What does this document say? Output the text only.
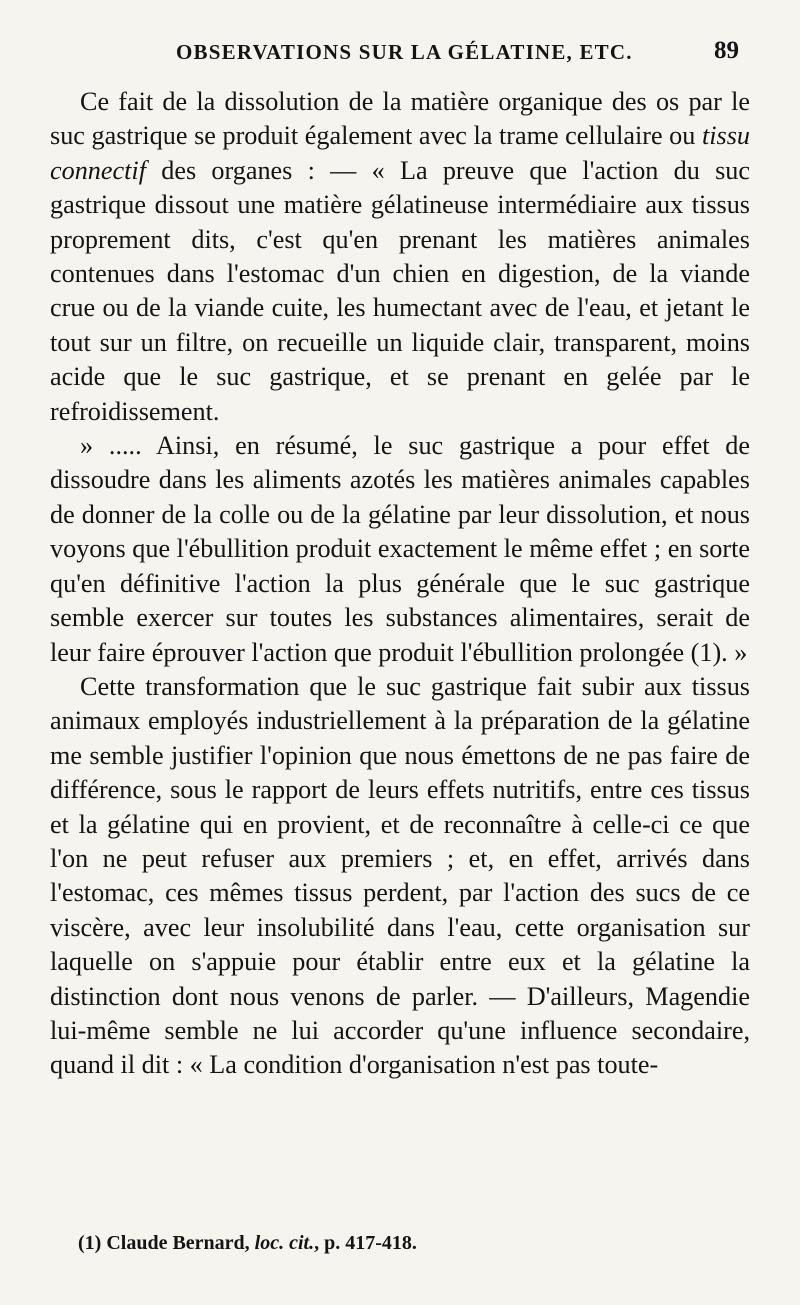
OBSERVATIONS SUR LA GÉLATINE, ETC.	89

Ce fait de la dissolution de la matière organique des os par le suc gastrique se produit également avec la trame cellulaire ou tissu connectif des organes : — « La preuve que l'action du suc gastrique dissout une matière gélatineuse intermédiaire aux tissus proprement dits, c'est qu'en prenant les matières animales contenues dans l'estomac d'un chien en digestion, de la viande crue ou de la viande cuite, les humectant avec de l'eau, et jetant le tout sur un filtre, on recueille un liquide clair, transparent, moins acide que le suc gastrique, et se prenant en gelée par le refroidissement.

» ..... Ainsi, en résumé, le suc gastrique a pour effet de dissoudre dans les aliments azotés les matières animales capables de donner de la colle ou de la gélatine par leur dissolution, et nous voyons que l'ébullition produit exactement le même effet ; en sorte qu'en définitive l'action la plus générale que le suc gastrique semble exercer sur toutes les substances alimentaires, serait de leur faire éprouver l'action que produit l'ébullition prolongée (1). »

Cette transformation que le suc gastrique fait subir aux tissus animaux employés industriellement à la préparation de la gélatine me semble justifier l'opinion que nous émettons de ne pas faire de différence, sous le rapport de leurs effets nutritifs, entre ces tissus et la gélatine qui en provient, et de reconnaître à celle-ci ce que l'on ne peut refuser aux premiers ; et, en effet, arrivés dans l'estomac, ces mêmes tissus perdent, par l'action des sucs de ce viscère, avec leur insolubilité dans l'eau, cette organisation sur laquelle on s'appuie pour établir entre eux et la gélatine la distinction dont nous venons de parler. — D'ailleurs, Magendie lui-même semble ne lui accorder qu'une influence secondaire, quand il dit : « La condition d'organisation n'est pas toute-

(1) Claude Bernard, loc. cit., p. 417-418.
